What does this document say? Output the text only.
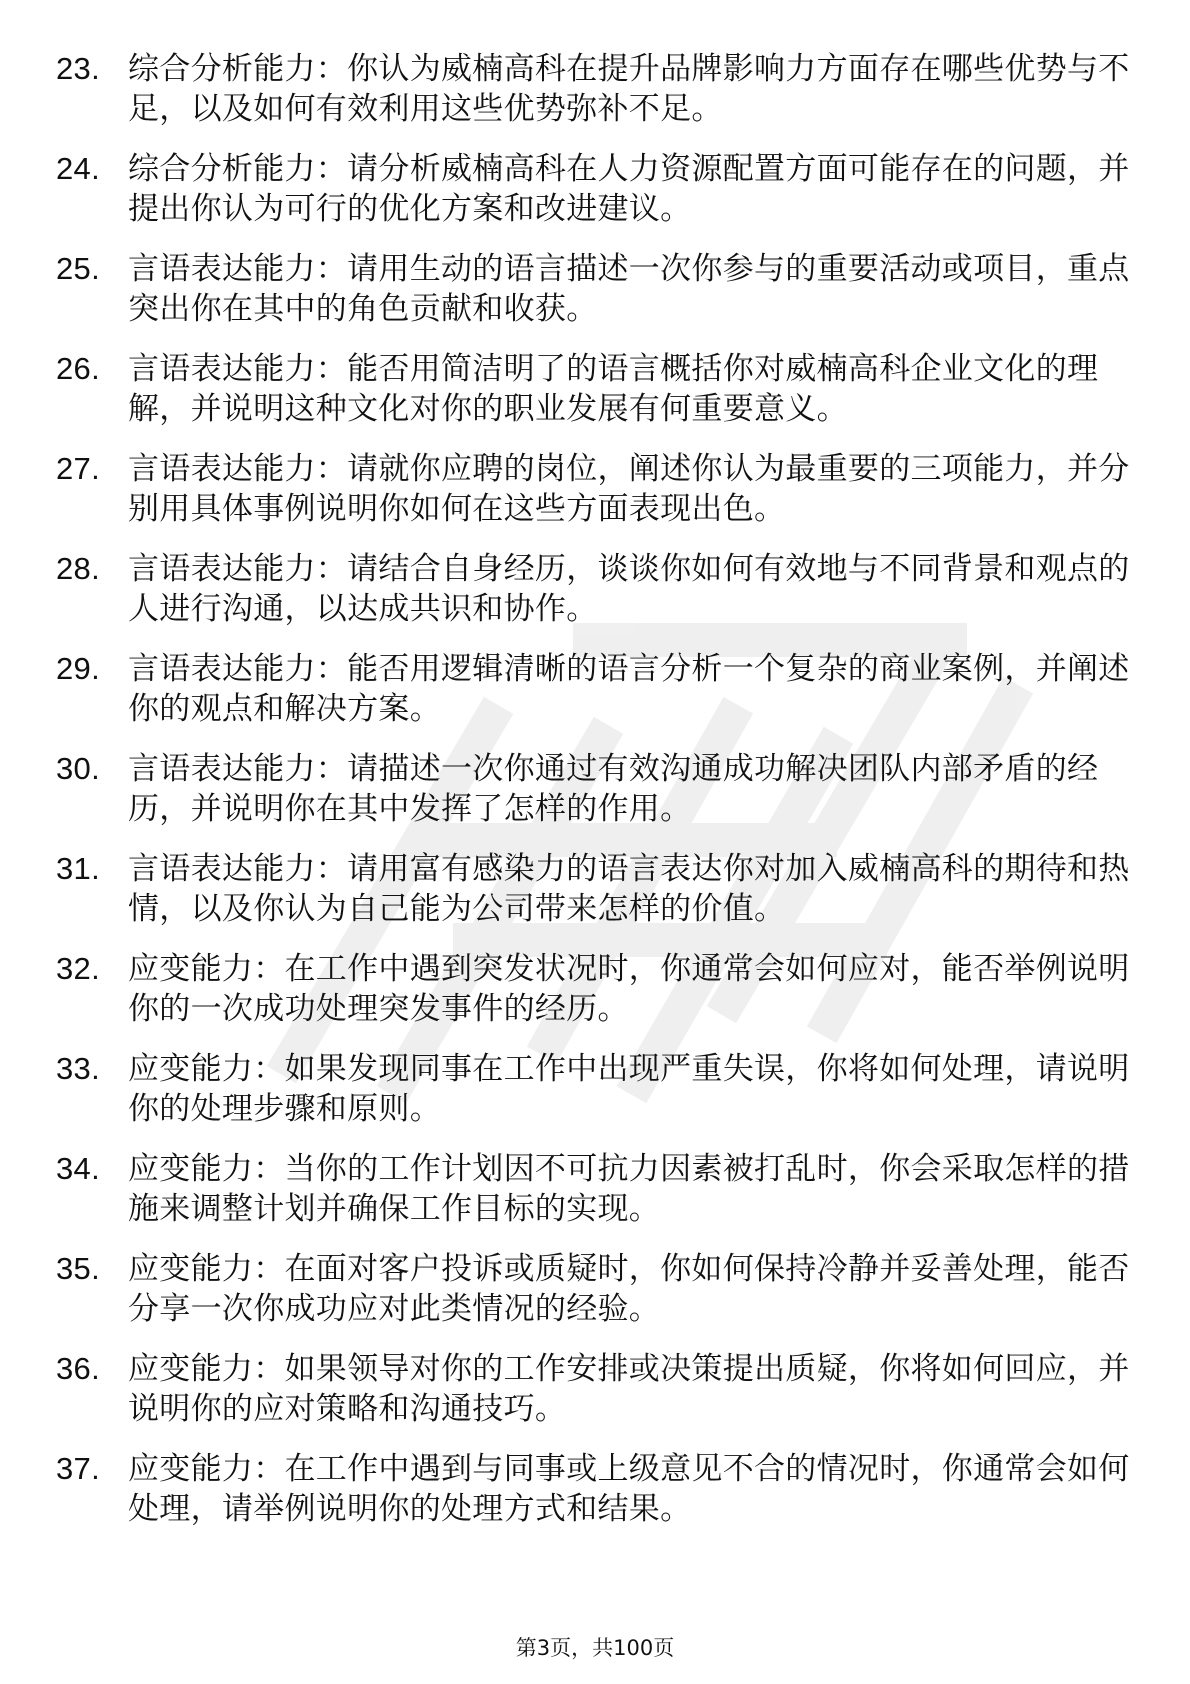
23. 综合分析能力：你认为威楠高科在提升品牌影响力方面存在哪些优势与不足，以及如何有效利用这些优势弥补不足。
24. 综合分析能力：请分析威楠高科在人力资源配置方面可能存在的问题，并提出你认为可行的优化方案和改进建议。
25. 言语表达能力：请用生动的语言描述一次你参与的重要活动或项目，重点突出你在其中的角色贡献和收获。
26. 言语表达能力：能否用简洁明了的语言概括你对威楠高科企业文化的理解，并说明这种文化对你的职业发展有何重要意义。
27. 言语表达能力：请就你应聘的岗位，阐述你认为最重要的三项能力，并分别用具体事例说明你如何在这些方面表现出色。
28. 言语表达能力：请结合自身经历，谈谈你如何有效地与不同背景和观点的人进行沟通，以达成共识和协作。
29. 言语表达能力：能否用逻辑清晰的语言分析一个复杂的商业案例，并阐述你的观点和解决方案。
30. 言语表达能力：请描述一次你通过有效沟通成功解决团队内部矛盾的经历，并说明你在其中发挥了怎样的作用。
31. 言语表达能力：请用富有感染力的语言表达你对加入威楠高科的期待和热情，以及你认为自己能为公司带来怎样的价值。
32. 应变能力：在工作中遇到突发状况时，你通常会如何应对，能否举例说明你的一次成功处理突发事件的经历。
33. 应变能力：如果发现同事在工作中出现严重失误，你将如何处理，请说明你的处理步骤和原则。
34. 应变能力：当你的工作计划因不可抗力因素被打乱时，你会采取怎样的措施来调整计划并确保工作目标的实现。
35. 应变能力：在面对客户投诉或质疑时，你如何保持冷静并妥善处理，能否分享一次你成功应对此类情况的经验。
36. 应变能力：如果领导对你的工作安排或决策提出质疑，你将如何回应，并说明你的应对策略和沟通技巧。
37. 应变能力：在工作中遇到与同事或上级意见不合的情况时，你通常会如何处理，请举例说明你的处理方式和结果。
第3页，共100页
